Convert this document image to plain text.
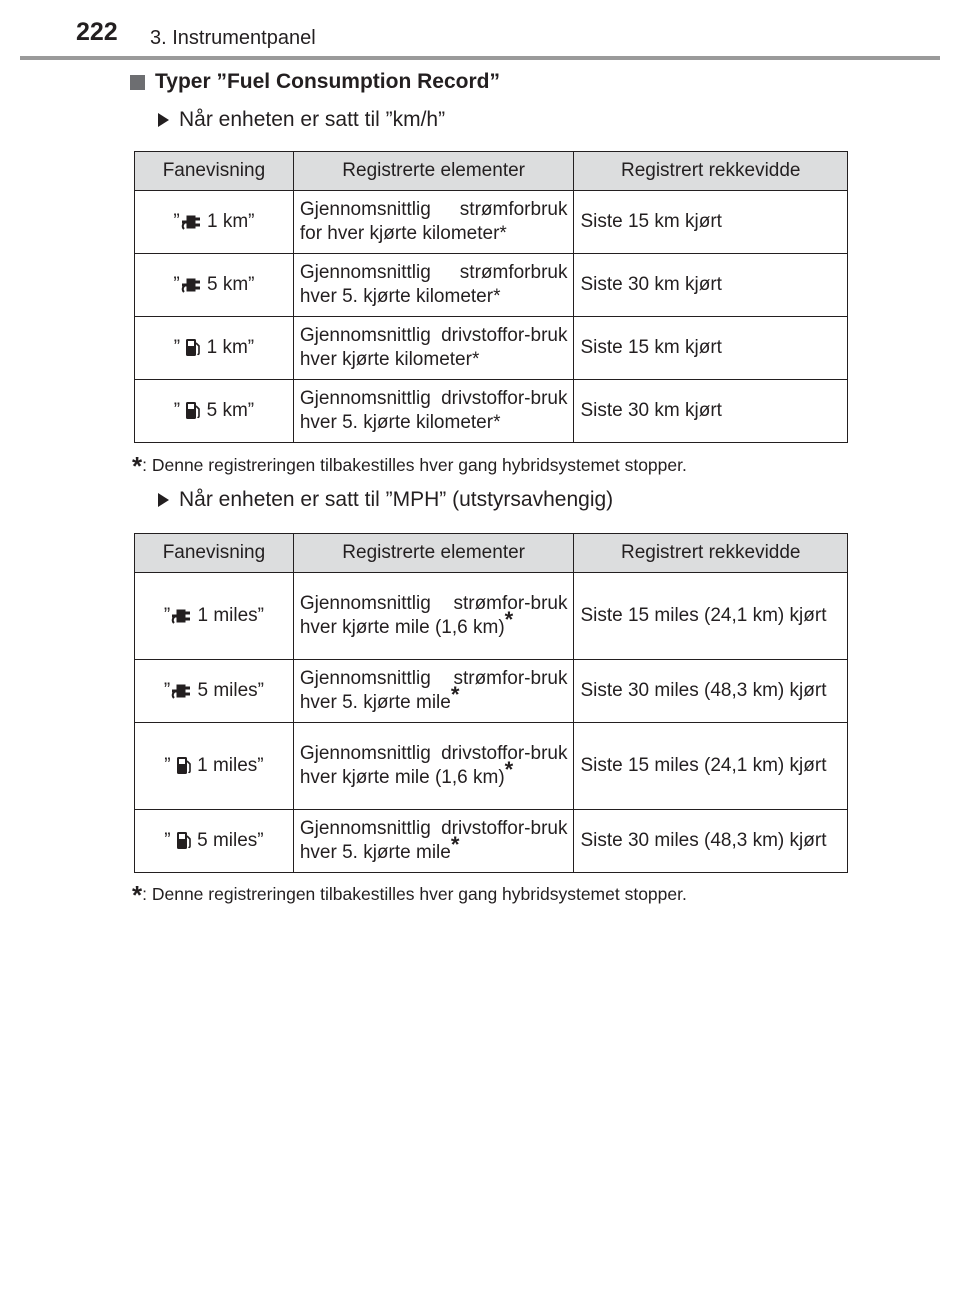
222 3. Instrumentpanel
Typer ”Fuel Consumption Record”
Når enheten er satt til ”km/h”
Fanevisning	Registrerte elementer	Registrert rekkevidde
” 1 km”	Gjennomsnittlig strømforbruk for hver kjørte kilometer*	Siste 15 km kjørt
” 5 km”	Gjennomsnittlig strømforbruk hver 5. kjørte kilometer*	Siste 30 km kjørt
” 1 km”	Gjennomsnittlig drivstoffor-bruk hver kjørte kilometer*	Siste 15 km kjørt
” 5 km”	Gjennomsnittlig drivstoffor-bruk hver 5. kjørte kilometer*	Siste 30 km kjørt
*: Denne registreringen tilbakestilles hver gang hybridsystemet stopper.
Når enheten er satt til ”MPH” (utstyrsavhengig)
Fanevisning	Registrerte elementer	Registrert rekkevidde
” 1 miles”	Gjennomsnittlig strømfor-bruk hver kjørte mile (1,6 km)*	Siste 15 miles (24,1 km) kjørt
” 5 miles”	Gjennomsnittlig strømfor-bruk hver 5. kjørte mile*	Siste 30 miles (48,3 km) kjørt
” 1 miles”	Gjennomsnittlig drivstoffor-bruk hver kjørte mile (1,6 km)*	Siste 15 miles (24,1 km) kjørt
” 5 miles”	Gjennomsnittlig drivstoffor-bruk hver 5. kjørte mile*	Siste 30 miles (48,3 km) kjørt
*: Denne registreringen tilbakestilles hver gang hybridsystemet stopper.
